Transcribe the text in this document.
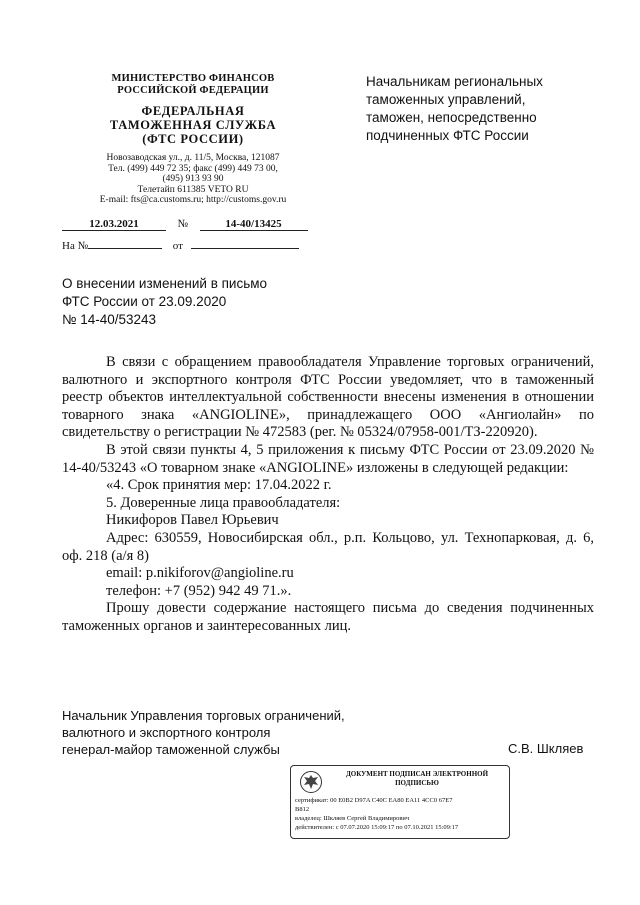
МИНИСТЕРСТВО ФИНАНСОВ
РОССИЙСКОЙ ФЕДЕРАЦИИ
ФЕДЕРАЛЬНАЯ
ТАМОЖЕННАЯ СЛУЖБА
(ФТС РОССИИ)
Новозаводская ул., д. 11/5, Москва, 121087
Тел. (499) 449 72 35; факс (499) 449 73 00,
(495) 913 93 90
Телетайп 611385 VETO RU
E-mail: fts@ca.customs.ru; http://customs.gov.ru
12.03.2021	№	14-40/13425
На №	от
Начальникам региональных
таможенных управлений,
таможен, непосредственно
подчиненных ФТС России
О внесении изменений в письмо
ФТС России от 23.09.2020
№ 14-40/53243

В связи с обращением правообладателя Управление торговых ограничений, валютного и экспортного контроля ФТС России уведомляет, что в таможенный реестр объектов интеллектуальной собственности внесены изменения в отношении товарного знака «ANGIOLINE», принадлежащего ООО «Ангиолайн» по свидетельству о регистрации № 472583 (рег. № 05324/07958-001/ТЗ-220920).

В этой связи пункты 4, 5 приложения к письму ФТС России от 23.09.2020 № 14-40/53243 «О товарном знаке «ANGIOLINE» изложены в следующей редакции:

«4. Срок принятия мер: 17.04.2022 г.

5. Доверенные лица правообладателя:

Никифоров Павел Юрьевич

Адрес: 630559, Новосибирская обл., р.п. Кольцово, ул. Технопарковая, д. 6, оф. 218 (а/я 8)

email: p.nikiforov@angioline.ru

телефон: +7 (952) 942 49 71.».

Прошу довести содержание настоящего письма до сведения подчиненных таможенных органов и заинтересованных лиц.

Начальник Управления торговых ограничений,
валютного и экспортного контроля
генерал-майор таможенной службы	С.В. Шкляев
ДОКУМЕНТ ПОДПИСАН ЭЛЕКТРОННОЙ
ПОДПИСЬЮ
сертификат: 00 E0B2 D97A C40C EA80 EA11 4CC0 67E7
B812
владелец: Шкляев Сергей Владимирович
действителен: с 07.07.2020 15:09:17 по 07.10.2021 15:09:17
